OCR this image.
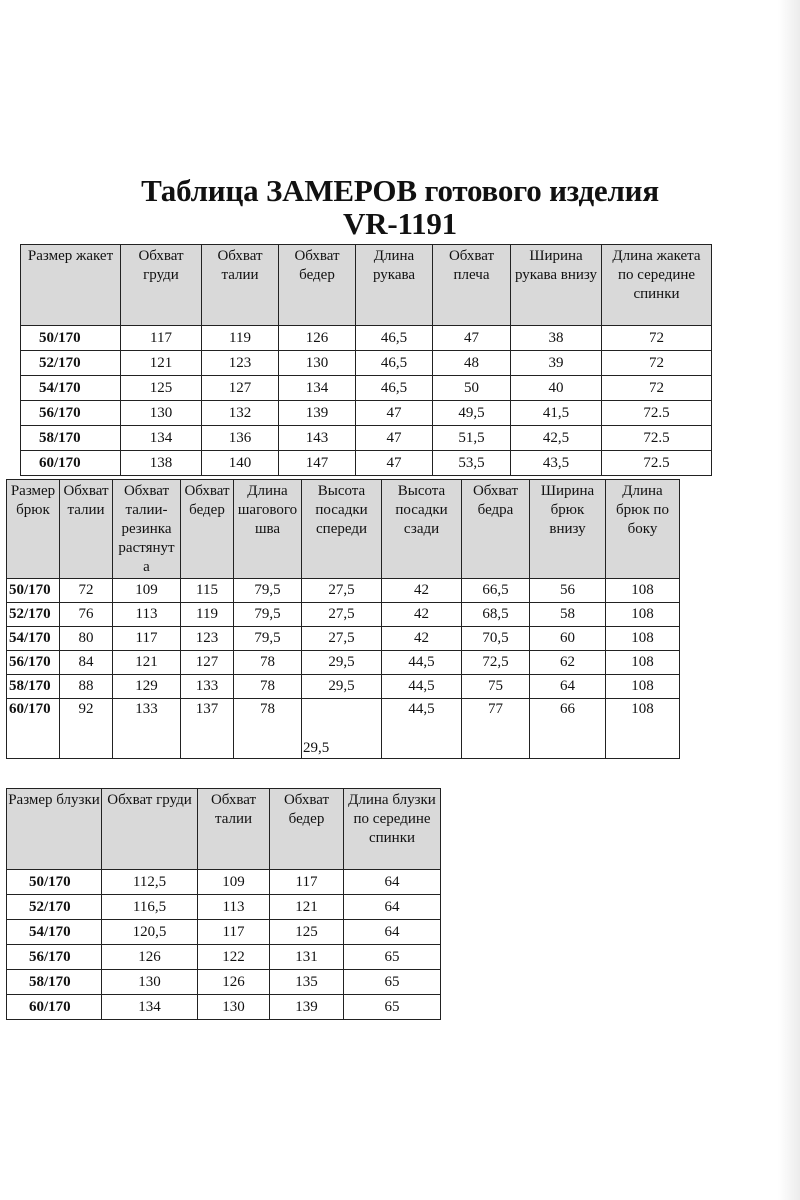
Таблица ЗАМЕРОВ готового изделия
VR-1191
Размер жакет	Обхват груди	Обхват талии	Обхват бедер	Длина рукава	Обхват плеча	Ширина рукава внизу	Длина жакета по середине спинки
50/170	117	119	126	46,5	47	38	72
52/170	121	123	130	46,5	48	39	72
54/170	125	127	134	46,5	50	40	72
56/170	130	132	139	47	49,5	41,5	72.5
58/170	134	136	143	47	51,5	42,5	72.5
60/170	138	140	147	47	53,5	43,5	72.5
Размер брюк	Обхват талии	Обхват талии-резинка растянут а	Обхват бедер	Длина шагового шва	Высота посадки спереди	Высота посадки сзади	Обхват бедра	Ширина брюк внизу	Длина брюк по боку
50/170	72	109	115	79,5	27,5	42	66,5	56	108
52/170	76	113	119	79,5	27,5	42	68,5	58	108
54/170	80	117	123	79,5	27,5	42	70,5	60	108
56/170	84	121	127	78	29,5	44,5	72,5	62	108
58/170	88	129	133	78	29,5	44,5	75	64	108
60/170	92	133	137	78	29,5	44,5	77	66	108
Размер блузки	Обхват груди	Обхват талии	Обхват бедер	Длина блузки по середине спинки
50/170	112,5	109	117	64
52/170	116,5	113	121	64
54/170	120,5	117	125	64
56/170	126	122	131	65
58/170	130	126	135	65
60/170	134	130	139	65
